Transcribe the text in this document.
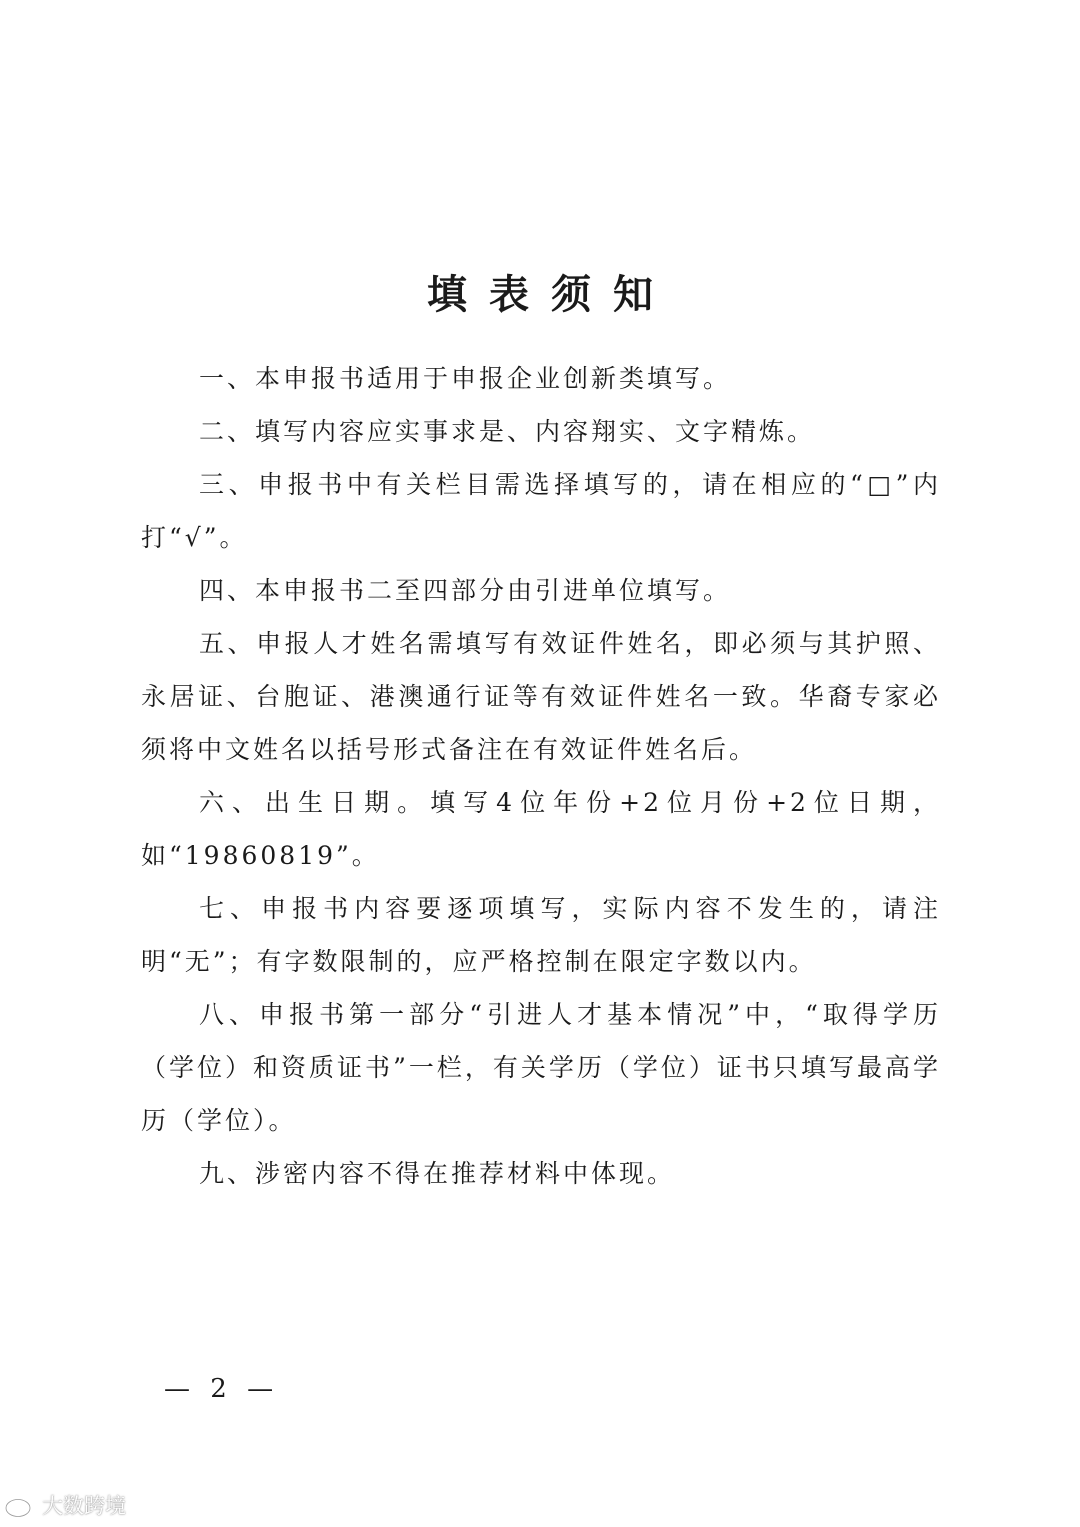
填表须知

一、本申报书适用于申报企业创新类填写。

二、填写内容应实事求是、内容翔实、文字精炼。

三、申报书中有关栏目需选择填写的，请在相应的“□”内打“√”。

四、本申报书二至四部分由引进单位填写。

五、申报人才姓名需填写有效证件姓名，即必须与其护照、永居证、台胞证、港澳通行证等有效证件姓名一致。华裔专家必须将中文姓名以括号形式备注在有效证件姓名后。

六、出生日期。填写4位年份+2位月份+2位日期，如“19860819”。

七、申报书内容要逐项填写，实际内容不发生的，请注明“无”；有字数限制的，应严格控制在限定字数以内。

八、申报书第一部分“引进人才基本情况”中，“取得学历（学位）和资质证书”一栏，有关学历（学位）证书只填写最高学历（学位）。

九、涉密内容不得在推荐材料中体现。

— 2 —
大数跨境
